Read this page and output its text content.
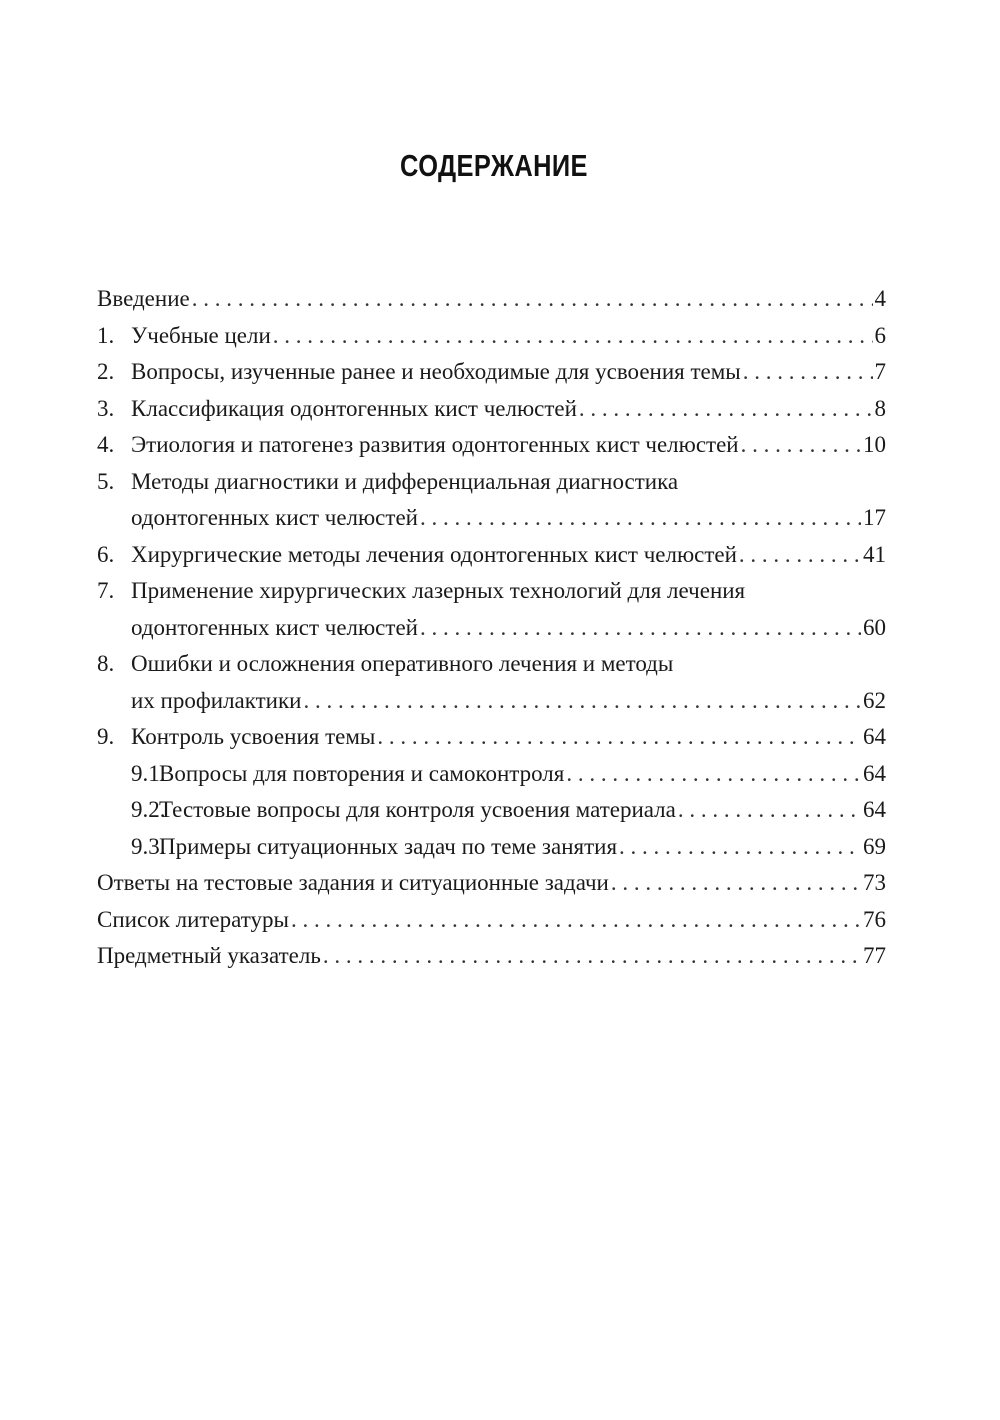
СОДЕРЖАНИЕ
Введение . . .	4
1. Учебные цели . . .	6
2. Вопросы, изученные ранее и необходимые для усвоения темы . . .	7
3. Классификация одонтогенных кист челюстей . . .	8
4. Этиология и патогенез развития одонтогенных кист челюстей . . .	10
5. Методы диагностики и дифференциальная диагностика
одонтогенных кист челюстей . . .	17
6. Хирургические методы лечения одонтогенных кист челюстей . . .	41
7. Применение хирургических лазерных технологий для лечения
одонтогенных кист челюстей . . .	60
8. Ошибки и осложнения оперативного лечения и методы
их профилактики . . .	62
9. Контроль усвоения темы . . .	64
9.1.
Вопросы для повторения и самоконтроля . . .	64
9.2.
Тестовые вопросы для контроля усвоения материала . . .	64
9.3.
Примеры ситуационных задач по теме занятия . . .	69
Ответы на тестовые задания и ситуационные задачи . . .	73
Список литературы . . .	76
Предметный указатель . . .	77
